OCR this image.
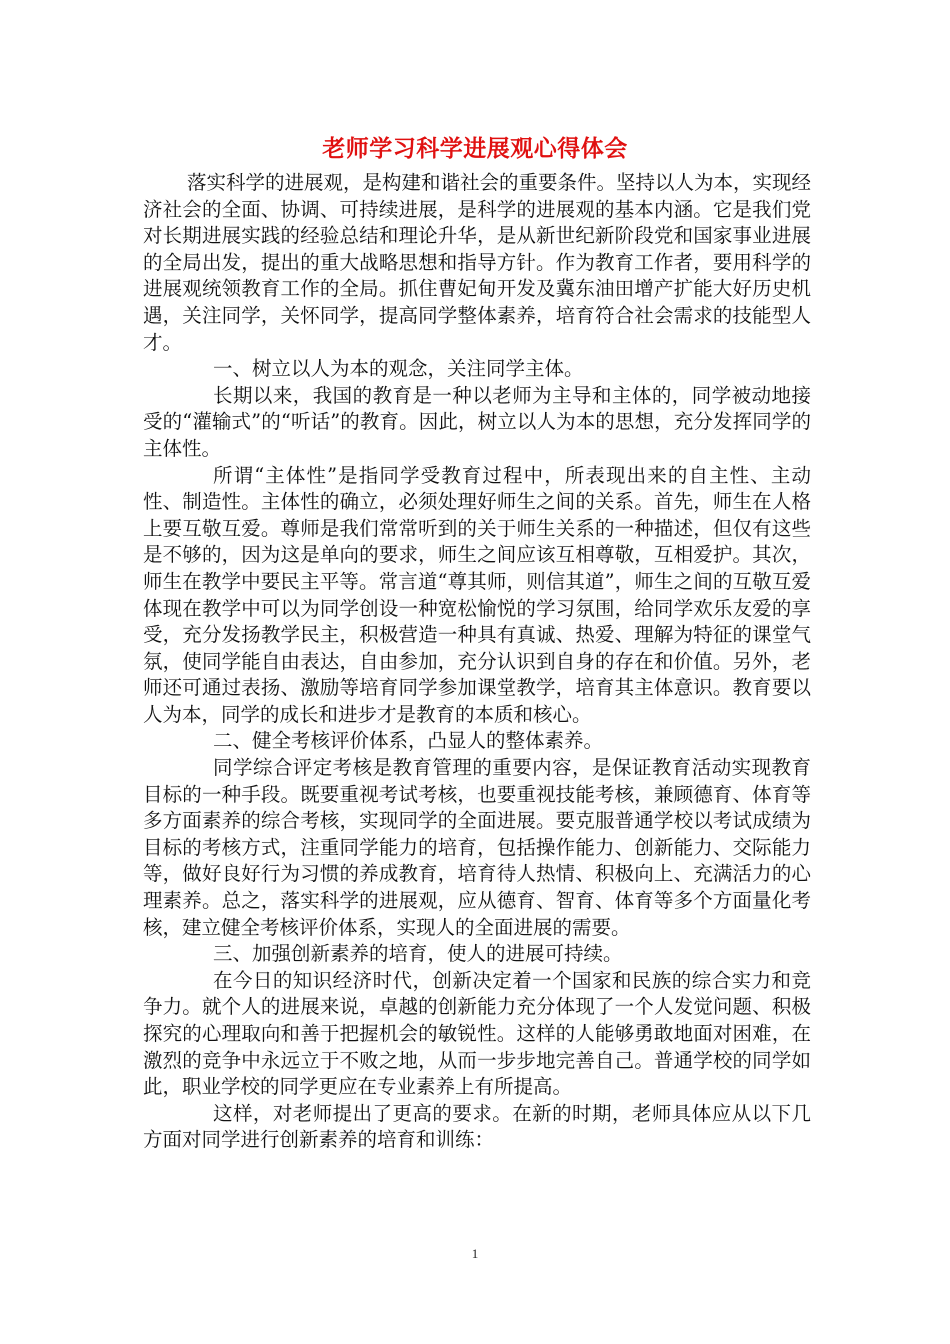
老师学习科学进展观心得体会

落实科学的进展观，是构建和谐社会的重要条件。坚持以人为本，实现经济社会的全面、协调、可持续进展，是科学的进展观的基本内涵。它是我们党对长期进展实践的经验总结和理论升华，是从新世纪新阶段党和国家事业进展的全局出发，提出的重大战略思想和指导方针。作为教育工作者，要用科学的进展观统领教育工作的全局。抓住曹妃甸开发及冀东油田增产扩能大好历史机遇，关注同学，关怀同学，提高同学整体素养，培育符合社会需求的技能型人才。

一、树立以人为本的观念，关注同学主体。

长期以来，我国的教育是一种以老师为主导和主体的，同学被动地接受的“灌输式”的“听话”的教育。因此，树立以人为本的思想，充分发挥同学的主体性。

所谓“主体性”是指同学受教育过程中，所表现出来的自主性、主动性、制造性。主体性的确立，必须处理好师生之间的关系。首先，师生在人格上要互敬互爱。尊师是我们常常听到的关于师生关系的一种描述，但仅有这些是不够的，因为这是单向的要求，师生之间应该互相尊敬，互相爱护。其次，师生在教学中要民主平等。常言道“尊其师，则信其道”，师生之间的互敬互爱体现在教学中可以为同学创设一种宽松愉悦的学习氛围，给同学欢乐友爱的享受，充分发扬教学民主，积极营造一种具有真诚、热爱、理解为特征的课堂气氛，使同学能自由表达，自由参加，充分认识到自身的存在和价值。另外，老师还可通过表扬、激励等培育同学参加课堂教学，培育其主体意识。教育要以人为本，同学的成长和进步才是教育的本质和核心。

二、健全考核评价体系，凸显人的整体素养。

同学综合评定考核是教育管理的重要内容，是保证教育活动实现教育目标的一种手段。既要重视考试考核，也要重视技能考核，兼顾德育、体育等多方面素养的综合考核，实现同学的全面进展。要克服普通学校以考试成绩为目标的考核方式，注重同学能力的培育，包括操作能力、创新能力、交际能力等，做好良好行为习惯的养成教育，培育待人热情、积极向上、充满活力的心理素养。总之，落实科学的进展观，应从德育、智育、体育等多个方面量化考核，建立健全考核评价体系，实现人的全面进展的需要。

三、加强创新素养的培育，使人的进展可持续。

在今日的知识经济时代，创新决定着一个国家和民族的综合实力和竞争力。就个人的进展来说，卓越的创新能力充分体现了一个人发觉问题、积极探究的心理取向和善于把握机会的敏锐性。这样的人能够勇敢地面对困难，在激烈的竞争中永远立于不败之地，从而一步步地完善自己。普通学校的同学如此，职业学校的同学更应在专业素养上有所提高。

这样，对老师提出了更高的要求。在新的时期，老师具体应从以下几方面对同学进行创新素养的培育和训练：

1
